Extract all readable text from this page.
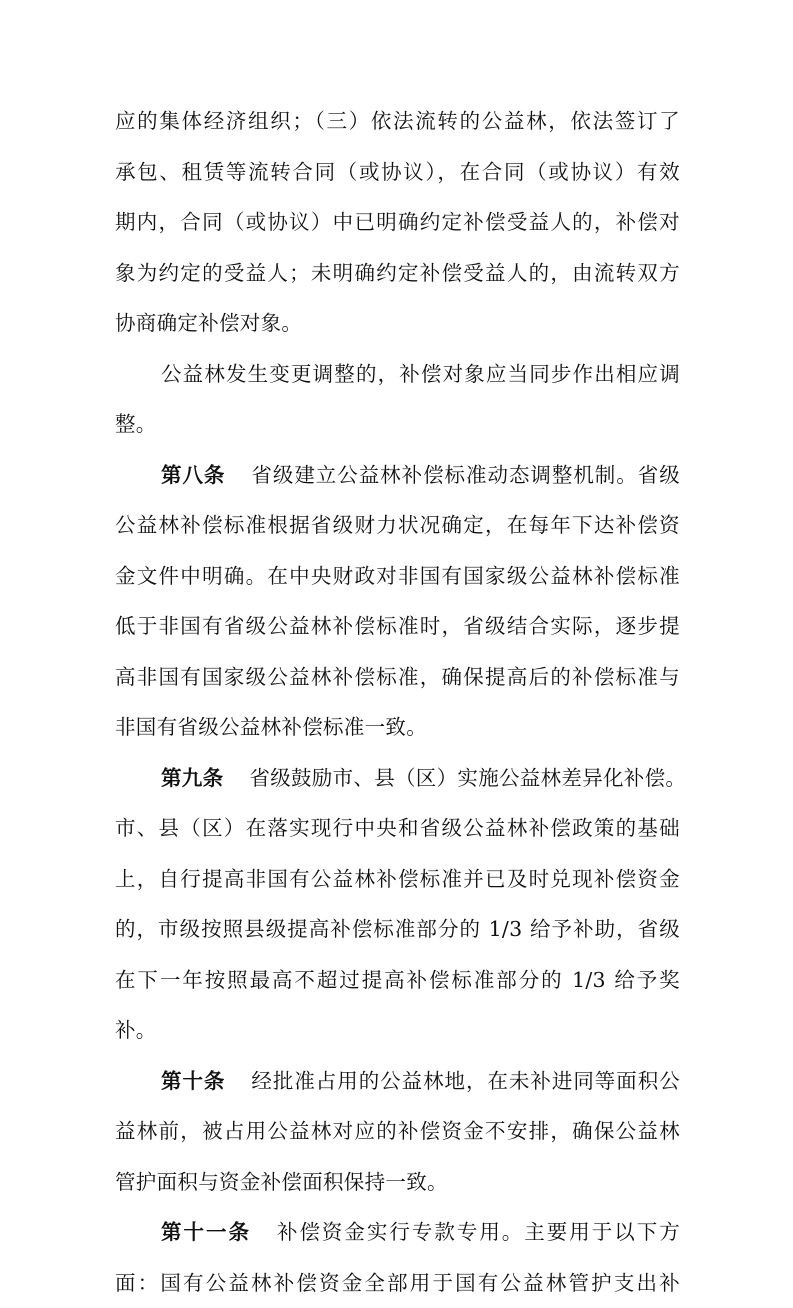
应的集体经济组织；（三）依法流转的公益林，依法签订了
承包、租赁等流转合同（或协议），在合同（或协议）有效
期内，合同（或协议）中已明确约定补偿受益人的，补偿对
象为约定的受益人；未明确约定补偿受益人的，由流转双方
协商确定补偿对象。
公益林发生变更调整的，补偿对象应当同步作出相应调
整。
第八条 省级建立公益林补偿标准动态调整机制。省级
公益林补偿标准根据省级财力状况确定，在每年下达补偿资
金文件中明确。在中央财政对非国有国家级公益林补偿标准
低于非国有省级公益林补偿标准时，省级结合实际，逐步提
高非国有国家级公益林补偿标准，确保提高后的补偿标准与
非国有省级公益林补偿标准一致。
第九条 省级鼓励市、县（区）实施公益林差异化补偿。
市、县（区）在落实现行中央和省级公益林补偿政策的基础
上，自行提高非国有公益林补偿标准并已及时兑现补偿资金
的，市级按照县级提高补偿标准部分的 1/3 给予补助，省级
在下一年按照最高不超过提高补偿标准部分的 1/3 给予奖
补。
第十条 经批准占用的公益林地，在未补进同等面积公
益林前，被占用公益林对应的补偿资金不安排，确保公益林
管护面积与资金补偿面积保持一致。
第十一条 补偿资金实行专款专用。主要用于以下方
面：国有公益林补偿资金全部用于国有公益林管护支出补
